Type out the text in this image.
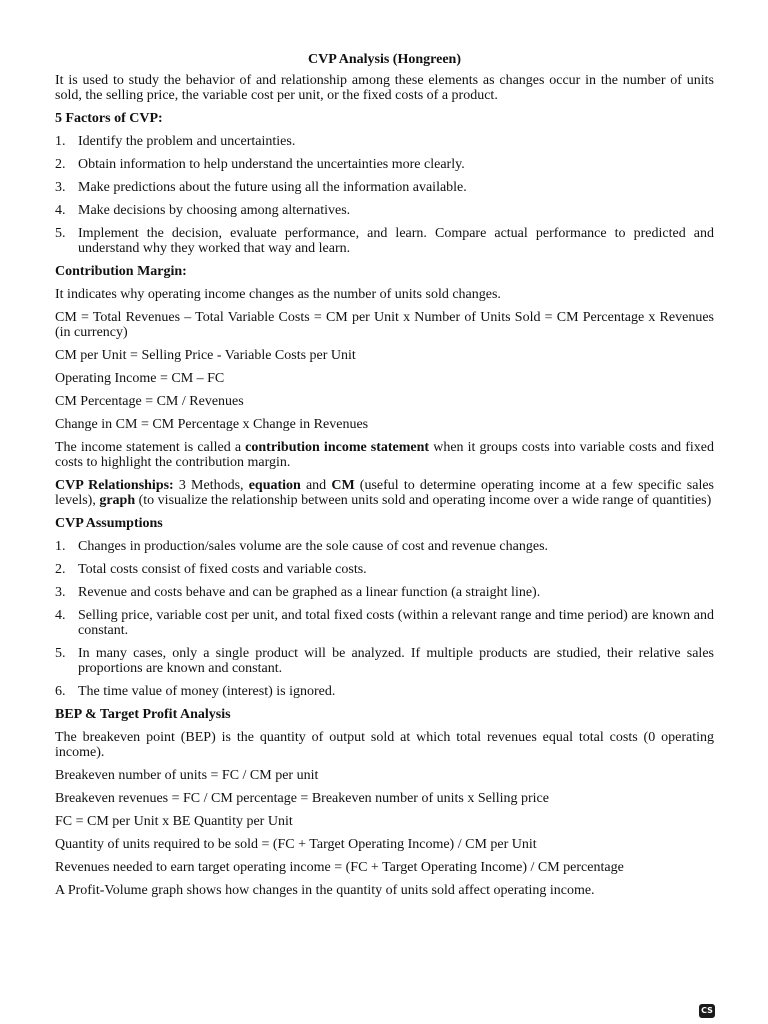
CVP Analysis (Hongreen)

It is used to study the behavior of and relationship among these elements as changes occur in the number of units sold, the selling price, the variable cost per unit, or the fixed costs of a product.

5 Factors of CVP:
1. Identify the problem and uncertainties.
2. Obtain information to help understand the uncertainties more clearly.
3. Make predictions about the future using all the information available.
4. Make decisions by choosing among alternatives.
5. Implement the decision, evaluate performance, and learn. Compare actual performance to predicted and understand why they worked that way and learn.
Contribution Margin:

It indicates why operating income changes as the number of units sold changes.

CM = Total Revenues – Total Variable Costs = CM per Unit x Number of Units Sold = CM Percentage x Revenues (in currency)

CM per Unit = Selling Price - Variable Costs per Unit

Operating Income = CM – FC

CM Percentage = CM / Revenues

Change in CM = CM Percentage x Change in Revenues

The income statement is called a contribution income statement when it groups costs into variable costs and fixed costs to highlight the contribution margin.

CVP Relationships: 3 Methods, equation and CM (useful to determine operating income at a few specific sales levels), graph (to visualize the relationship between units sold and operating income over a wide range of quantities)

CVP Assumptions
1. Changes in production/sales volume are the sole cause of cost and revenue changes.
2. Total costs consist of fixed costs and variable costs.
3. Revenue and costs behave and can be graphed as a linear function (a straight line).
4. Selling price, variable cost per unit, and total fixed costs (within a relevant range and time period) are known and constant.
5. In many cases, only a single product will be analyzed. If multiple products are studied, their relative sales proportions are known and constant.
6. The time value of money (interest) is ignored.
BEP & Target Profit Analysis

The breakeven point (BEP) is the quantity of output sold at which total revenues equal total costs (0 operating income).

Breakeven number of units = FC / CM per unit

Breakeven revenues = FC / CM percentage = Breakeven number of units x Selling price

FC = CM per Unit x BE Quantity per Unit

Quantity of units required to be sold = (FC + Target Operating Income) / CM per Unit

Revenues needed to earn target operating income = (FC + Target Operating Income) / CM percentage

A Profit-Volume graph shows how changes in the quantity of units sold affect operating income.

CS
